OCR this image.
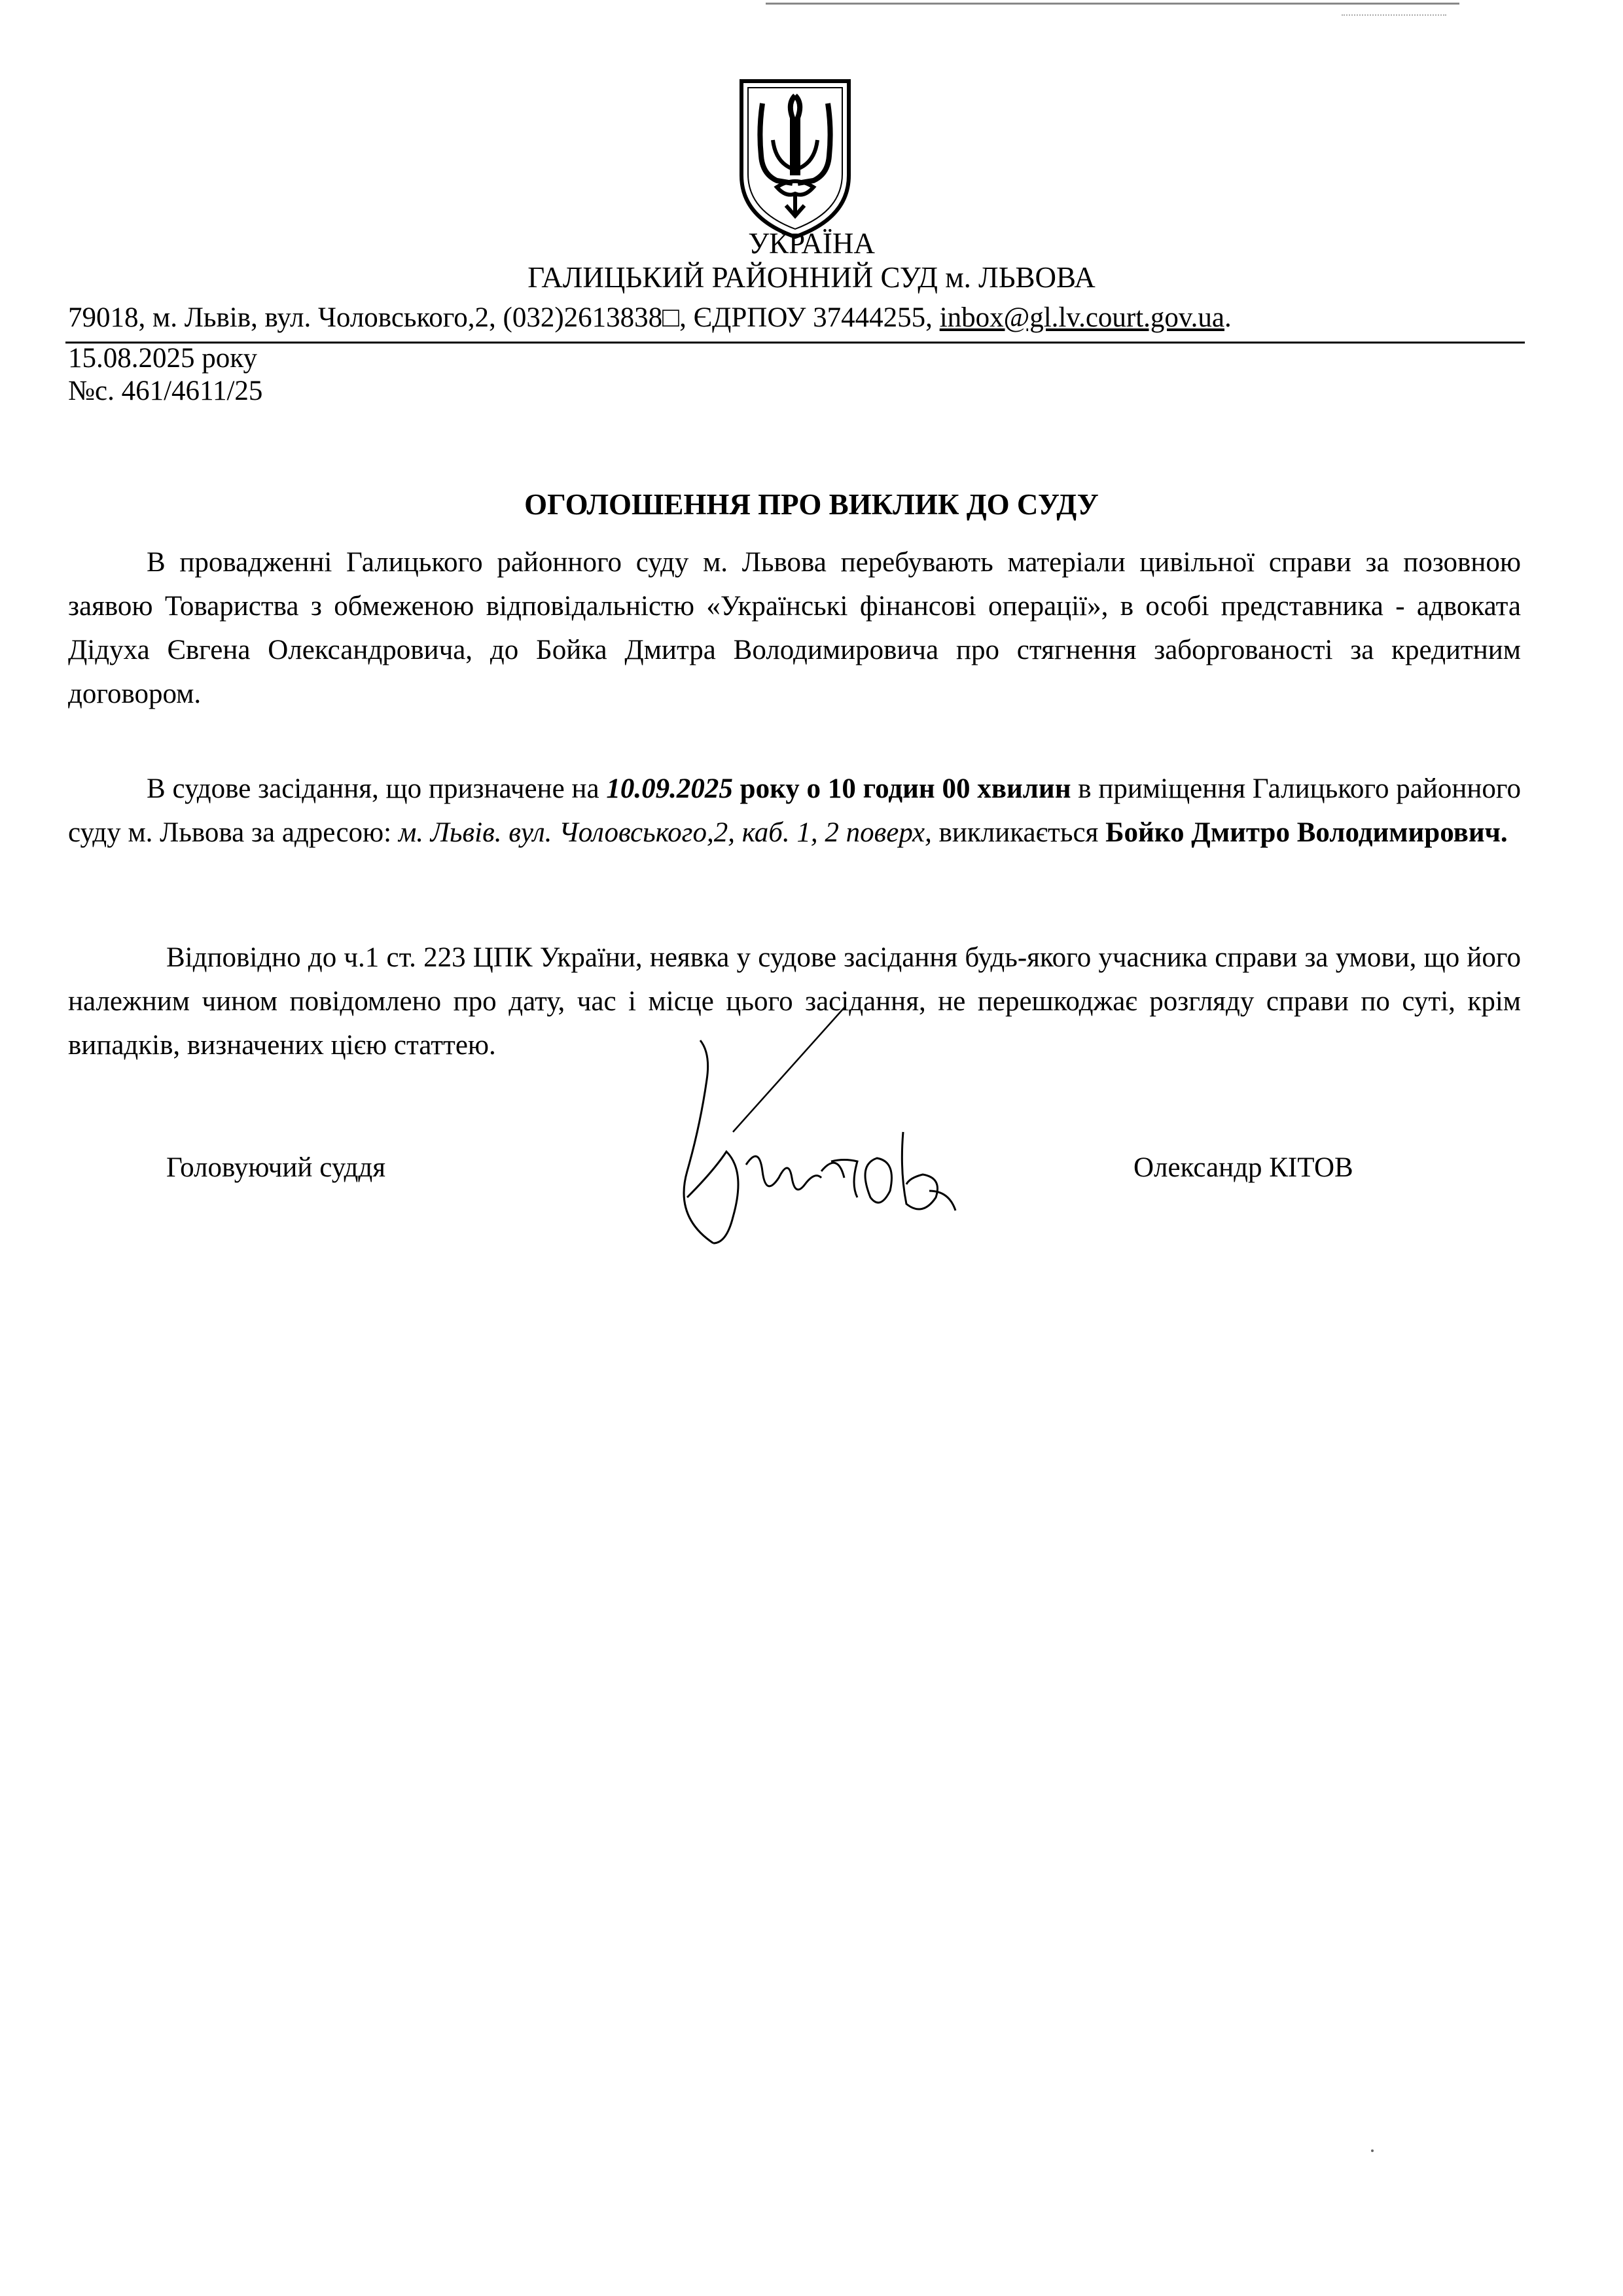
УКРАЇНА
ГАЛИЦЬКИЙ РАЙОННИЙ СУД м. ЛЬВОВА
79018, м. Львів, вул. Чоловського,2, (032)2613838□, ЄДРПОУ 37444255, inbox@gl.lv.court.gov.ua.
15.08.2025 року
№с. 461/4611/25
ОГОЛОШЕННЯ ПРО ВИКЛИК ДО СУДУ

В провадженні Галицького районного суду м. Львова перебувають матеріали цивільної справи за позовною заявою Товариства з обмеженою відповідальністю «Українські фінансові операції», в особі представника - адвоката Дідуха Євгена Олександровича, до Бойка Дмитра Володимировича про стягнення заборгованості за кредитним договором.

В судове засідання, що призначене на 10.09.2025 року о 10 годин 00 хвилин в приміщення Галицького районного суду м. Львова за адресою: м. Львів. вул. Чоловського,2, каб. 1, 2 поверх, викликається Бойко Дмитро Володимирович.

Відповідно до ч.1 ст. 223 ЦПК України, неявка у судове засідання будь-якого учасника справи за умови, що його належним чином повідомлено про дату, час і місце цього засідання, не перешкоджає розгляду справи по суті, крім випадків, визначених цією статтею.

Головуючий суддя	Олександр КІТОВ
